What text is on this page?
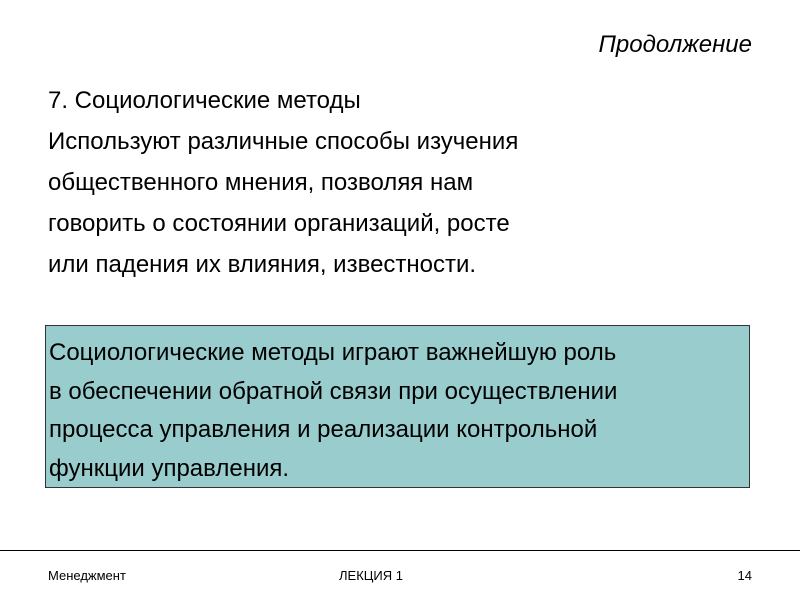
Продолжение
7. Социологические методы
Используют различные способы изучения
общественного мнения, позволяя нам
говорить о состоянии организаций, росте
или падения их влияния, известности.
Социологические методы играют важнейшую роль
в обеспечении обратной связи при осуществлении
процесса управления и реализации контрольной
функции управления.
Менеджмент	ЛЕКЦИЯ 1	14
